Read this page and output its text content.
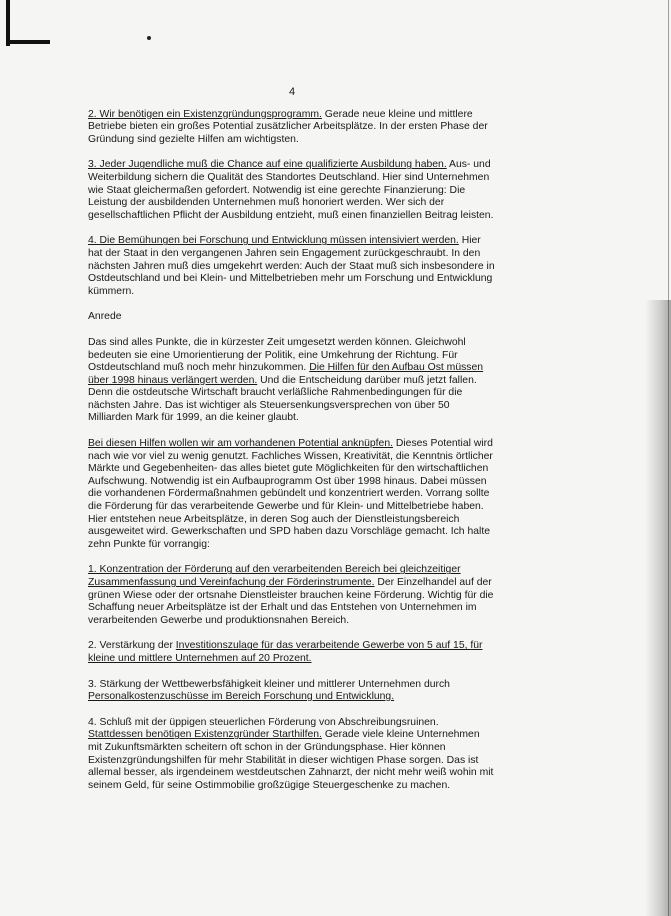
4

2. Wir benötigen ein Existenzgründungsprogramm. Gerade neue kleine und mittlere Betriebe bieten ein großes Potential zusätzlicher Arbeitsplätze. In der ersten Phase der Gründung sind gezielte Hilfen am wichtigsten.

3. Jeder Jugendliche muß die Chance auf eine qualifizierte Ausbildung haben. Aus- und Weiterbildung sichern die Qualität des Standortes Deutschland. Hier sind Unternehmen wie Staat gleichermaßen gefordert. Notwendig ist eine gerechte Finanzierung: Die Leistung der ausbildenden Unternehmen muß honoriert werden. Wer sich der gesellschaftlichen Pflicht der Ausbildung entzieht, muß einen finanziellen Beitrag leisten.

4. Die Bemühungen bei Forschung und Entwicklung müssen intensiviert werden. Hier hat der Staat in den vergangenen Jahren sein Engagement zurückgeschraubt. In den nächsten Jahren muß dies umgekehrt werden: Auch der Staat muß sich insbesondere in Ostdeutschland und bei Klein- und Mittelbetrieben mehr um Forschung und Entwicklung kümmern.

Anrede

Das sind alles Punkte, die in kürzester Zeit umgesetzt werden können. Gleichwohl bedeuten sie eine Umorientierung der Politik, eine Umkehrung der Richtung. Für Ostdeutschland muß noch mehr hinzukommen. Die Hilfen für den Aufbau Ost müssen über 1998 hinaus verlängert werden. Und die Entscheidung darüber muß jetzt fallen. Denn die ostdeutsche Wirtschaft braucht verläßliche Rahmenbedingungen für die nächsten Jahre. Das ist wichtiger als Steuersenkungsversprechen von über 50 Milliarden Mark für 1999, an die keiner glaubt.

Bei diesen Hilfen wollen wir am vorhandenen Potential anknüpfen. Dieses Potential wird nach wie vor viel zu wenig genutzt. Fachliches Wissen, Kreativität, die Kenntnis örtlicher Märkte und Gegebenheiten- das alles bietet gute Möglichkeiten für den wirtschaftlichen Aufschwung. Notwendig ist ein Aufbauprogramm Ost über 1998 hinaus. Dabei müssen die vorhandenen Fördermaßnahmen gebündelt und konzentriert werden. Vorrang sollte die Förderung für das verarbeitende Gewerbe und für Klein- und Mittelbetriebe haben. Hier entstehen neue Arbeitsplätze, in deren Sog auch der Dienstleistungsbereich ausgeweitet wird. Gewerkschaften und SPD haben dazu Vorschläge gemacht. Ich halte zehn Punkte für vorrangig:

1. Konzentration der Förderung auf den verarbeitenden Bereich bei gleichzeitiger Zusammenfassung und Vereinfachung der Förderinstrumente. Der Einzelhandel auf der grünen Wiese oder der ortsnahe Dienstleister brauchen keine Förderung. Wichtig für die Schaffung neuer Arbeitsplätze ist der Erhalt und das Entstehen von Unternehmen im verarbeitenden Gewerbe und produktionsnahen Bereich.

2. Verstärkung der Investitionszulage für das verarbeitende Gewerbe von 5 auf 15, für kleine und mittlere Unternehmen auf 20 Prozent.

3. Stärkung der Wettbewerbsfähigkeit kleiner und mittlerer Unternehmen durch Personalkostenzuschüsse im Bereich Forschung und Entwicklung.

4. Schluß mit der üppigen steuerlichen Förderung von Abschreibungsruinen. Stattdessen benötigen Existenzgründer Starthilfen. Gerade viele kleine Unternehmen mit Zukunftsmärkten scheitern oft schon in der Gründungsphase. Hier können Existenzgründungshilfen für mehr Stabilität in dieser wichtigen Phase sorgen. Das ist allemal besser, als irgendeinem westdeutschen Zahnarzt, der nicht mehr weiß wohin mit seinem Geld, für seine Ostimmobilie großzügige Steuergeschenke zu machen.
